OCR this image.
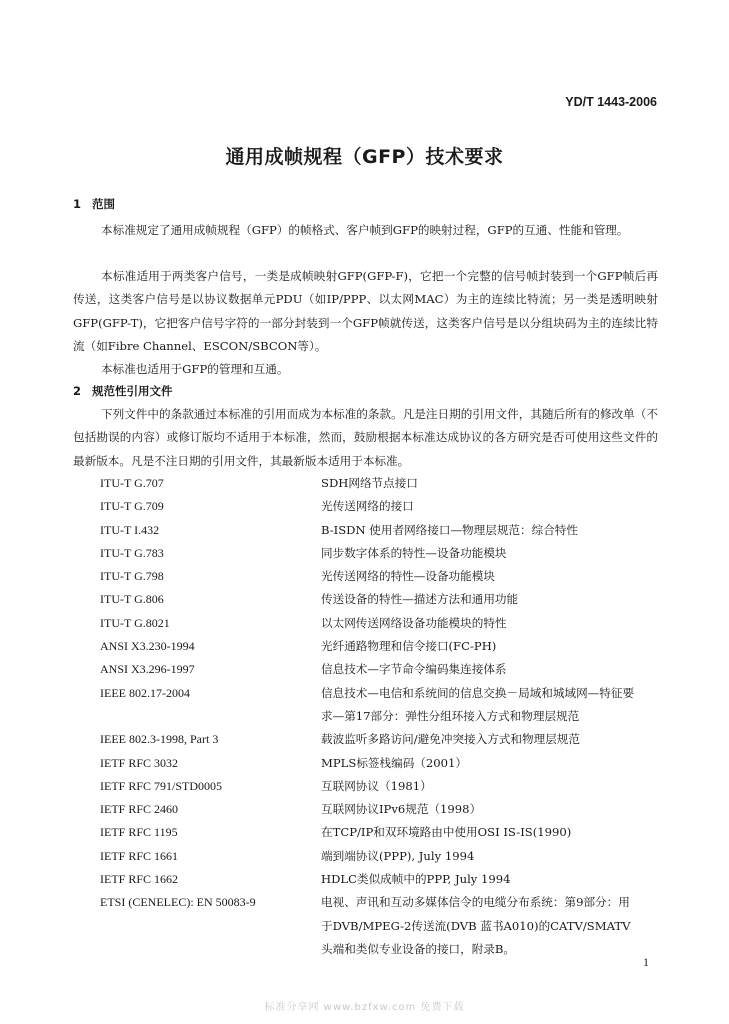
YD/T 1443-2006
通用成帧规程（GFP）技术要求
1 范围

本标准规定了通用成帧规程（GFP）的帧格式、客户帧到GFP的映射过程，GFP的互通、性能和管理。

本标准适用于两类客户信号，一类是成帧映射GFP(GFP-F)，它把一个完整的信号帧封装到一个GFP帧后再传送，这类客户信号是以协议数据单元PDU（如IP/PPP、以太网MAC）为主的连续比特流；另一类是透明映射GFP(GFP-T)，它把客户信号字符的一部分封装到一个GFP帧就传送，这类客户信号是以分组块码为主的连续比特流（如Fibre Channel、ESCON/SBCON等）。

本标准也适用于GFP的管理和互通。

2 规范性引用文件

下列文件中的条款通过本标准的引用而成为本标准的条款。凡是注日期的引用文件，其随后所有的修改单（不包括勘误的内容）或修订版均不适用于本标准，然而，鼓励根据本标准达成协议的各方研究是否可使用这些文件的最新版本。凡是不注日期的引用文件，其最新版本适用于本标准。

ITU-T G.707	SDH网络节点接口
ITU-T G.709	光传送网络的接口
ITU-T I.432	B-ISDN 使用者网络接口—物理层规范：综合特性
ITU-T G.783	同步数字体系的特性—设备功能模块
ITU-T G.798	光传送网络的特性—设备功能模块
ITU-T G.806	传送设备的特性—描述方法和通用功能
ITU-T G.8021	以太网传送网络设备功能模块的特性
ANSI X3.230-1994	光纤通路物理和信令接口(FC-PH)
ANSI X3.296-1997	信息技术—字节命令编码集连接体系
IEEE 802.17-2004	信息技术—电信和系统间的信息交换－局域和城域网—特征要求—第17部分：弹性分组环接入方式和物理层规范
IEEE 802.3-1998, Part 3	载波监听多路访问/避免冲突接入方式和物理层规范
IETF RFC 3032	MPLS标签栈编码（2001）
IETF RFC 791/STD0005	互联网协议（1981）
IETF RFC 2460	互联网协议IPv6规范（1998）
IETF RFC 1195	在TCP/IP和双环境路由中使用OSI IS-IS(1990)
IETF RFC 1661	端到端协议(PPP), July 1994
IETF RFC 1662	HDLC类似成帧中的PPP, July 1994
ETSI (CENELEC): EN 50083-9	电视、声讯和互动多媒体信令的电缆分布系统：第9部分：用于DVB/MPEG-2传送流(DVB 蓝书A010)的CATV/SMATV头端和类似专业设备的接口，附录B。
1
标准分享网 www.bzfxw.com 免费下载
